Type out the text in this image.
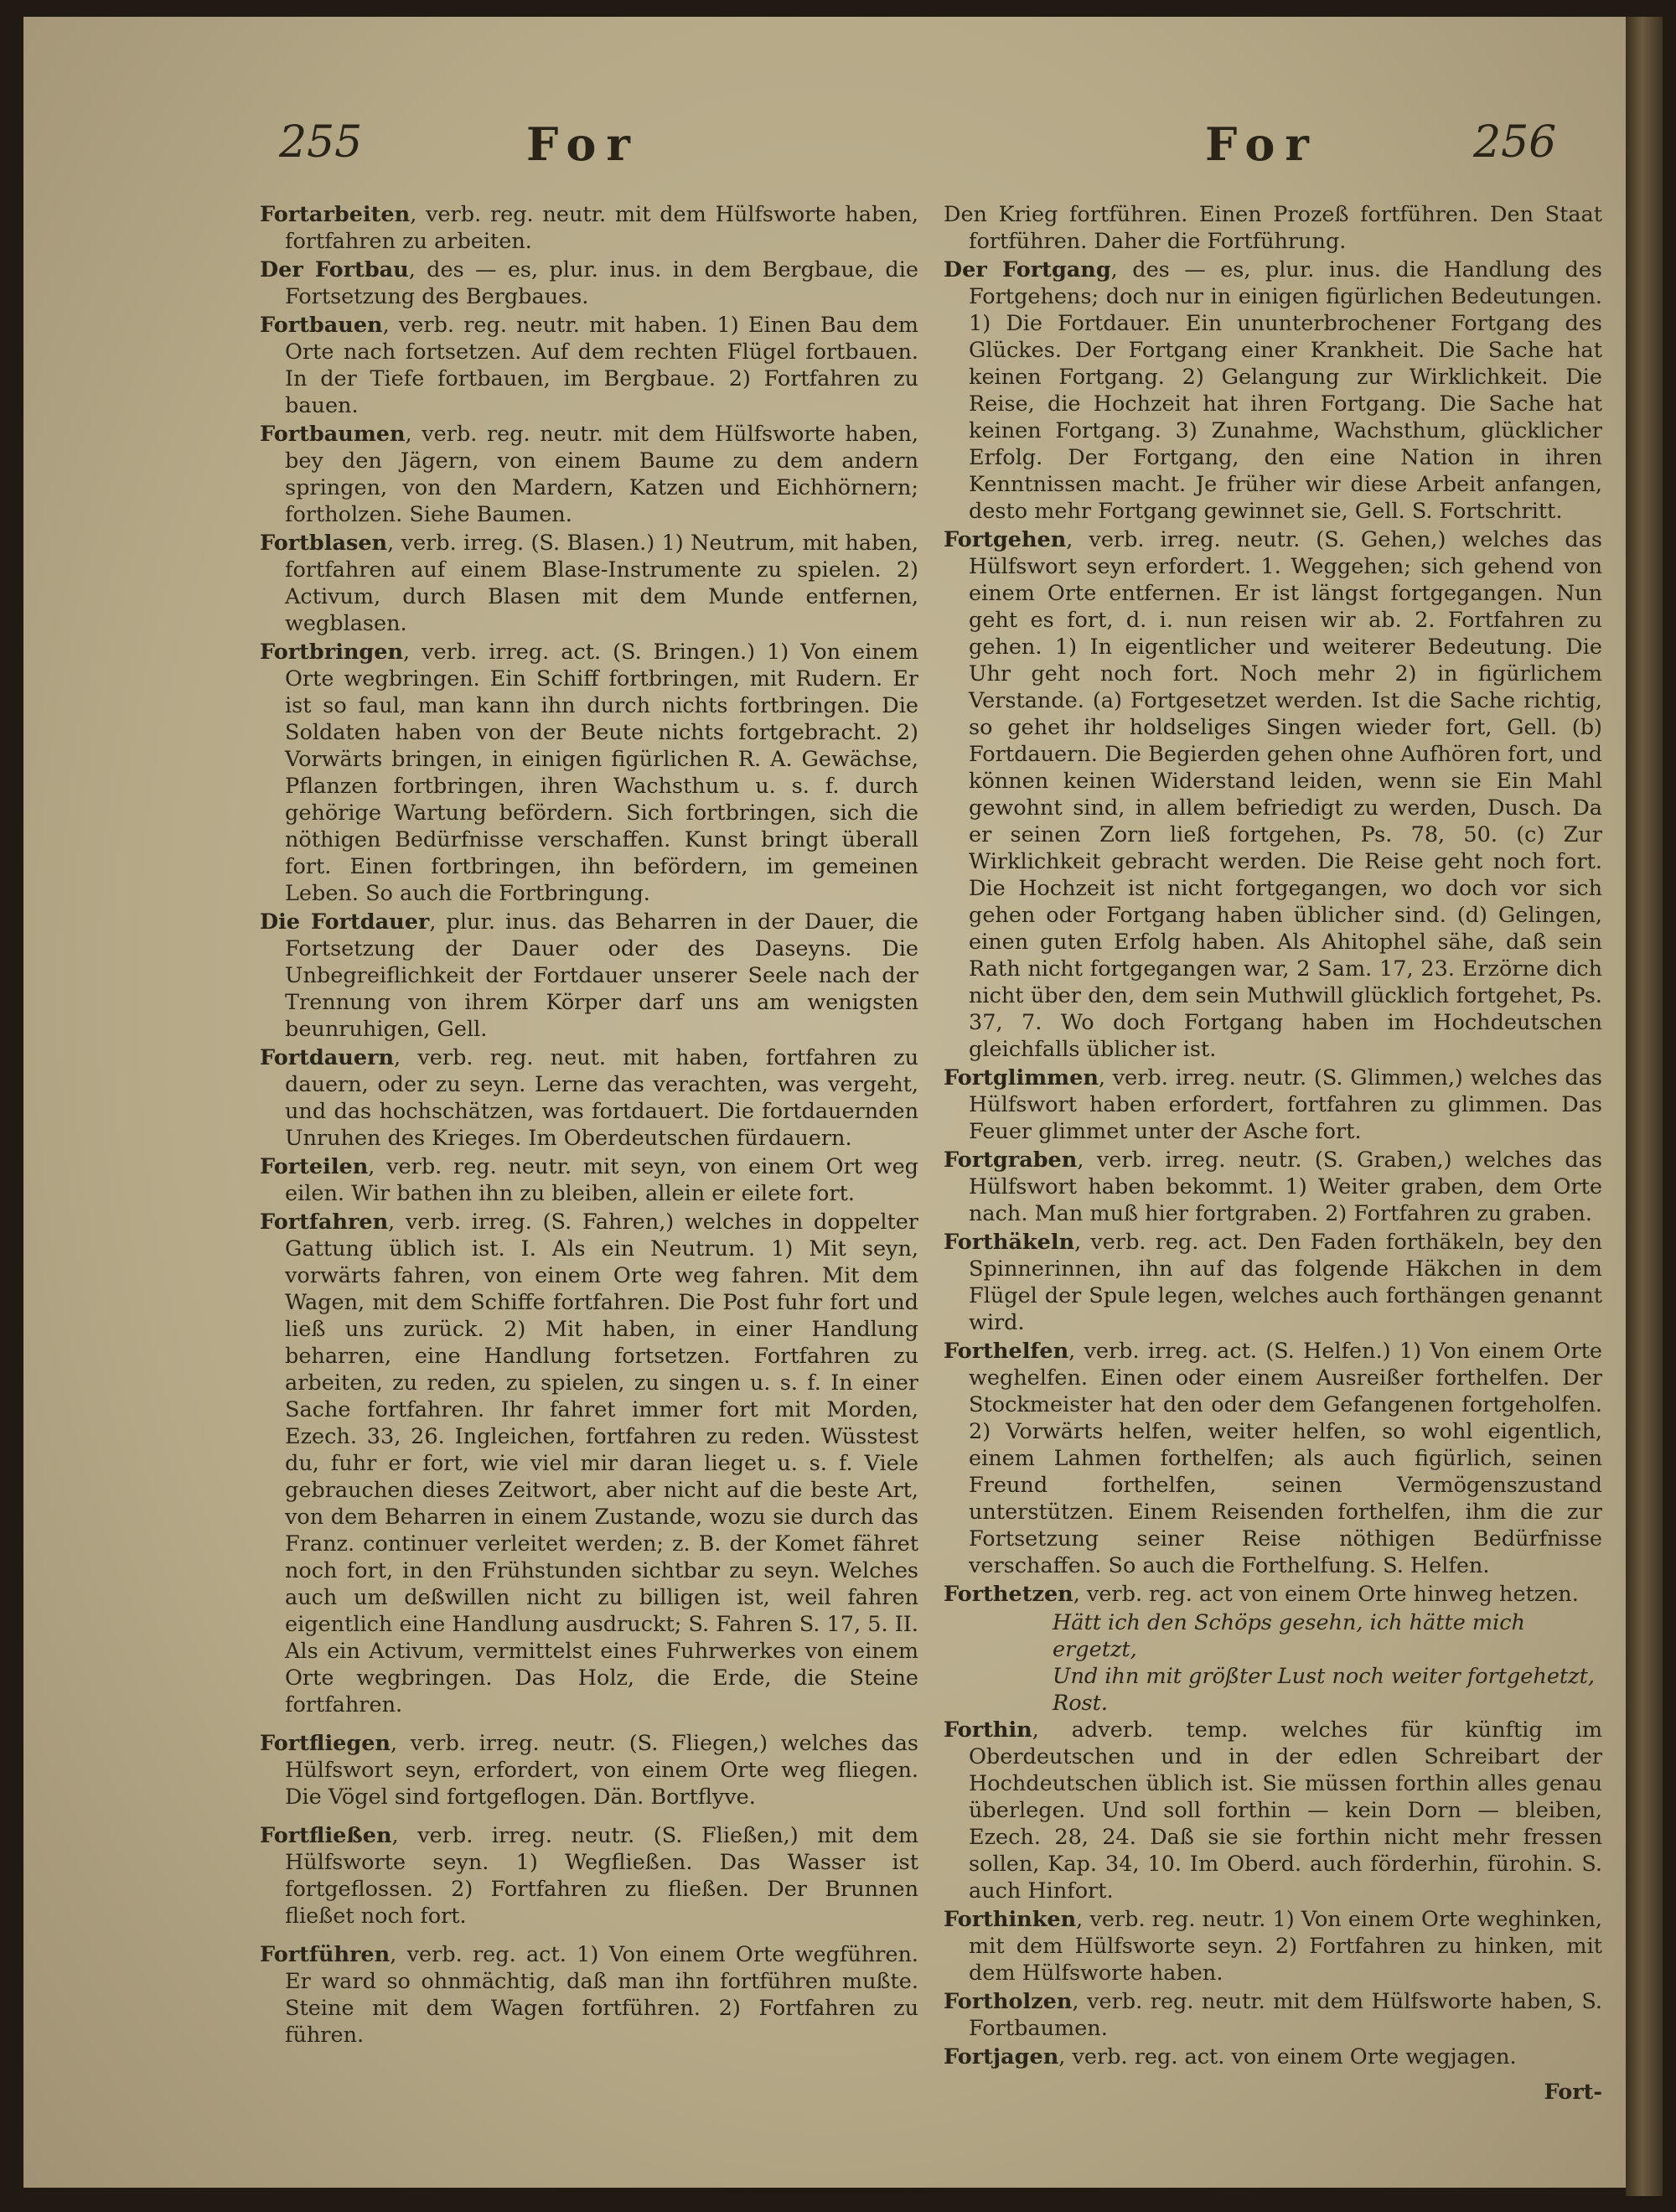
255	For	For	256

Fortarbeiten, verb. reg. neutr. mit dem Hülfsworte haben, fortfahren zu arbeiten.

Der Fortbau, des — es, plur. inus. in dem Bergbaue, die Fortsetzung des Bergbaues.

Fortbauen, verb. reg. neutr. mit haben. 1) Einen Bau dem Orte nach fortsetzen. Auf dem rechten Flügel fortbauen. In der Tiefe fortbauen, im Bergbaue. 2) Fortfahren zu bauen.

Fortbaumen, verb. reg. neutr. mit dem Hülfsworte haben, bey den Jägern, von einem Baume zu dem andern springen, von den Mardern, Katzen und Eichhörnern; fortholzen. Siehe Baumen.

Fortblasen, verb. irreg. (S. Blasen.) 1) Neutrum, mit haben, fortfahren auf einem Blase-Instrumente zu spielen. 2) Activum, durch Blasen mit dem Munde entfernen, wegblasen.

Fortbringen, verb. irreg. act. (S. Bringen.) 1) Von einem Orte wegbringen. Ein Schiff fortbringen, mit Rudern. Er ist so faul, man kann ihn durch nichts fortbringen. Die Soldaten haben von der Beute nichts fortgebracht. 2) Vorwärts bringen, in einigen figürlichen R. A. Gewächse, Pflanzen fortbringen, ihren Wachsthum u. s. f. durch gehörige Wartung befördern. Sich fortbringen, sich die nöthigen Bedürfnisse verschaffen. Kunst bringt überall fort. Einen fortbringen, ihn befördern, im gemeinen Leben. So auch die Fortbringung.

Die Fortdauer, plur. inus. das Beharren in der Dauer, die Fortsetzung der Dauer oder des Daseyns. Die Unbegreiflichkeit der Fortdauer unserer Seele nach der Trennung von ihrem Körper darf uns am wenigsten beunruhigen, Gell.

Fortdauern, verb. reg. neut. mit haben, fortfahren zu dauern, oder zu seyn. Lerne das verachten, was vergeht, und das hochschätzen, was fortdauert. Die fortdauernden Unruhen des Krieges. Im Oberdeutschen fürdauern.

Forteilen, verb. reg. neutr. mit seyn, von einem Ort weg eilen. Wir bathen ihn zu bleiben, allein er eilete fort.

Fortfahren, verb. irreg. (S. Fahren,) welches in doppelter Gattung üblich ist. I. Als ein Neutrum. 1) Mit seyn, vorwärts fahren, von einem Orte weg fahren. Mit dem Wagen, mit dem Schiffe fortfahren. Die Post fuhr fort und ließ uns zurück. 2) Mit haben, in einer Handlung beharren, eine Handlung fortsetzen. Fortfahren zu arbeiten, zu reden, zu spielen, zu singen u. s. f. In einer Sache fortfahren. Ihr fahret immer fort mit Morden, Ezech. 33, 26. Ingleichen, fortfahren zu reden. Wüsstest du, fuhr er fort, wie viel mir daran lieget u. s. f. Viele gebrauchen dieses Zeitwort, aber nicht auf die beste Art, von dem Beharren in einem Zustande, wozu sie durch das Franz. continuer verleitet werden; z. B. der Komet fähret noch fort, in den Frühstunden sichtbar zu seyn. Welches auch um deßwillen nicht zu billigen ist, weil fahren eigentlich eine Handlung ausdruckt; S. Fahren S. 17, 5. II. Als ein Activum, vermittelst eines Fuhrwerkes von einem Orte wegbringen. Das Holz, die Erde, die Steine fortfahren.

Fortfliegen, verb. irreg. neutr. (S. Fliegen,) welches das Hülfswort seyn, erfordert, von einem Orte weg fliegen. Die Vögel sind fortgeflogen. Dän. Bortflyve.

Fortfließen, verb. irreg. neutr. (S. Fließen,) mit dem Hülfsworte seyn. 1) Wegfließen. Das Wasser ist fortgeflossen. 2) Fortfahren zu fließen. Der Brunnen fließet noch fort.

Fortführen, verb. reg. act. 1) Von einem Orte wegführen. Er ward so ohnmächtig, daß man ihn fortführen mußte. Steine mit dem Wagen fortführen. 2) Fortfahren zu führen.

Den Krieg fortführen. Einen Prozeß fortführen. Den Staat fortführen. Daher die Fortführung.

Der Fortgang, des — es, plur. inus. die Handlung des Fortgehens; doch nur in einigen figürlichen Bedeutungen. 1) Die Fortdauer. Ein ununterbrochener Fortgang des Glückes. Der Fortgang einer Krankheit. Die Sache hat keinen Fortgang. 2) Gelangung zur Wirklichkeit. Die Reise, die Hochzeit hat ihren Fortgang. Die Sache hat keinen Fortgang. 3) Zunahme, Wachsthum, glücklicher Erfolg. Der Fortgang, den eine Nation in ihren Kenntnissen macht. Je früher wir diese Arbeit anfangen, desto mehr Fortgang gewinnet sie, Gell. S. Fortschritt.

Fortgehen, verb. irreg. neutr. (S. Gehen,) welches das Hülfswort seyn erfordert. 1. Weggehen; sich gehend von einem Orte entfernen. Er ist längst fortgegangen. Nun geht es fort, d. i. nun reisen wir ab. 2. Fortfahren zu gehen. 1) In eigentlicher und weiterer Bedeutung. Die Uhr geht noch fort. Noch mehr 2) in figürlichem Verstande. (a) Fortgesetzet werden. Ist die Sache richtig, so gehet ihr holdseliges Singen wieder fort, Gell. (b) Fortdauern. Die Begierden gehen ohne Aufhören fort, und können keinen Widerstand leiden, wenn sie Ein Mahl gewohnt sind, in allem befriedigt zu werden, Dusch. Da er seinen Zorn ließ fortgehen, Ps. 78, 50. (c) Zur Wirklichkeit gebracht werden. Die Reise geht noch fort. Die Hochzeit ist nicht fortgegangen, wo doch vor sich gehen oder Fortgang haben üblicher sind. (d) Gelingen, einen guten Erfolg haben. Als Ahitophel sähe, daß sein Rath nicht fortgegangen war, 2 Sam. 17, 23. Erzörne dich nicht über den, dem sein Muthwill glücklich fortgehet, Ps. 37, 7. Wo doch Fortgang haben im Hochdeutschen gleichfalls üblicher ist.

Fortglimmen, verb. irreg. neutr. (S. Glimmen,) welches das Hülfswort haben erfordert, fortfahren zu glimmen. Das Feuer glimmet unter der Asche fort.

Fortgraben, verb. irreg. neutr. (S. Graben,) welches das Hülfswort haben bekommt. 1) Weiter graben, dem Orte nach. Man muß hier fortgraben. 2) Fortfahren zu graben.

Forthäkeln, verb. reg. act. Den Faden forthäkeln, bey den Spinnerinnen, ihn auf das folgende Häkchen in dem Flügel der Spule legen, welches auch forthängen genannt wird.

Forthelfen, verb. irreg. act. (S. Helfen.) 1) Von einem Orte weghelfen. Einen oder einem Ausreißer forthelfen. Der Stockmeister hat den oder dem Gefangenen fortgeholfen. 2) Vorwärts helfen, weiter helfen, so wohl eigentlich, einem Lahmen forthelfen; als auch figürlich, seinen Freund forthelfen, seinen Vermögenszustand unterstützen. Einem Reisenden forthelfen, ihm die zur Fortsetzung seiner Reise nöthigen Bedürfnisse verschaffen. So auch die Forthelfung. S. Helfen.

Forthetzen, verb. reg. act von einem Orte hinweg hetzen.

Hätt ich den Schöps gesehn, ich hätte mich ergetzt,

Und ihn mit größter Lust noch weiter fortgehetzt, Rost.

Forthin, adverb. temp. welches für künftig im Oberdeutschen und in der edlen Schreibart der Hochdeutschen üblich ist. Sie müssen forthin alles genau überlegen. Und soll forthin — kein Dorn — bleiben, Ezech. 28, 24. Daß sie sie forthin nicht mehr fressen sollen, Kap. 34, 10. Im Oberd. auch förderhin, fürohin. S. auch Hinfort.

Forthinken, verb. reg. neutr. 1) Von einem Orte weghinken, mit dem Hülfsworte seyn. 2) Fortfahren zu hinken, mit dem Hülfsworte haben.

Fortholzen, verb. reg. neutr. mit dem Hülfsworte haben, S. Fortbaumen.

Fortjagen, verb. reg. act. von einem Orte wegjagen.

Fort-
